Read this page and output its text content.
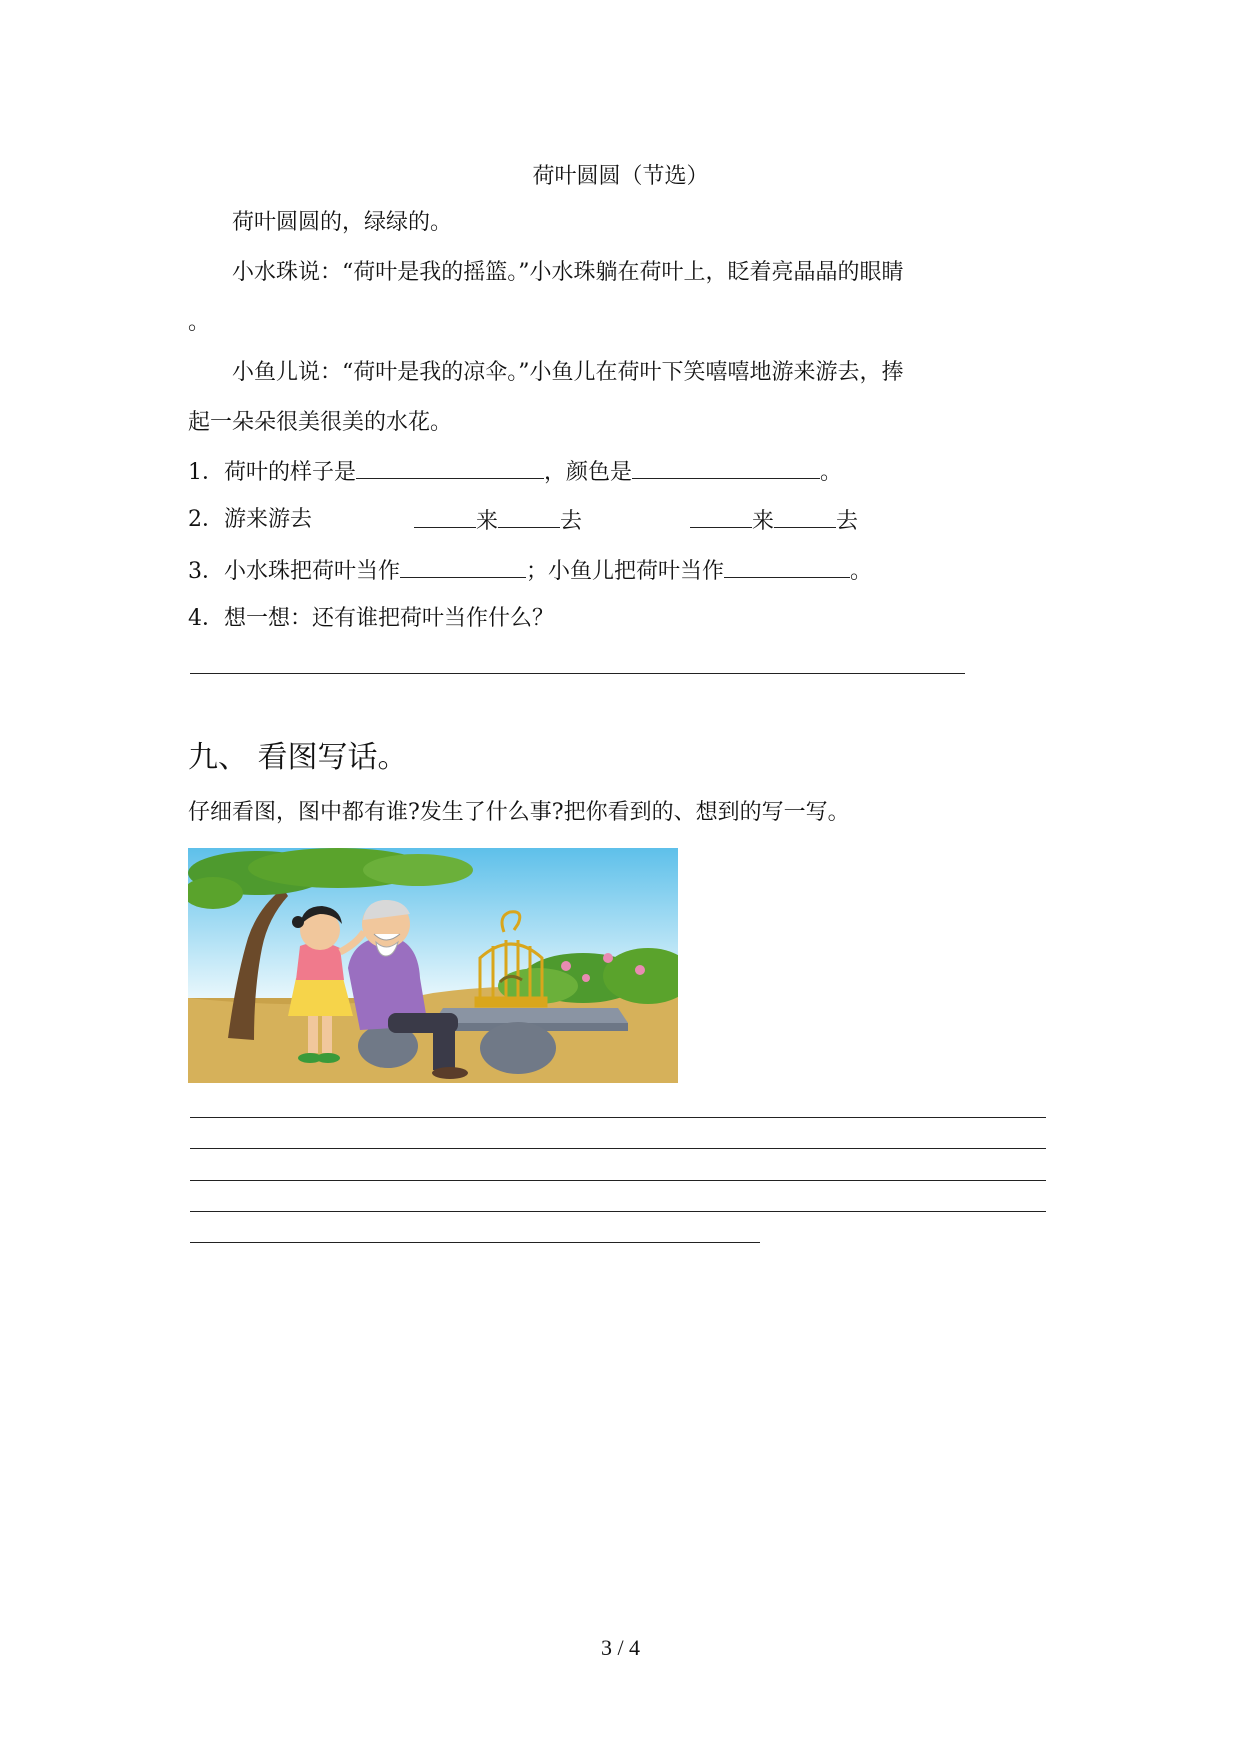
荷叶圆圆（节选）
荷叶圆圆的，绿绿的。
小水珠说：“荷叶是我的摇篮。”小水珠躺在荷叶上，眨着亮晶晶的眼睛
。
小鱼儿说：“荷叶是我的凉伞。”小鱼儿在荷叶下笑嘻嘻地游来游去，捧
起一朵朵很美很美的水花。
1．荷叶的样子是	，颜色是	。
2．游来游去	来	去	来	去
3．小水珠把荷叶当作	；小鱼儿把荷叶当作	。
4．想一想：还有谁把荷叶当作什么？
九、 看图写话。
仔细看图，图中都有谁?发生了什么事?把你看到的、想到的写一写。
3 / 4
